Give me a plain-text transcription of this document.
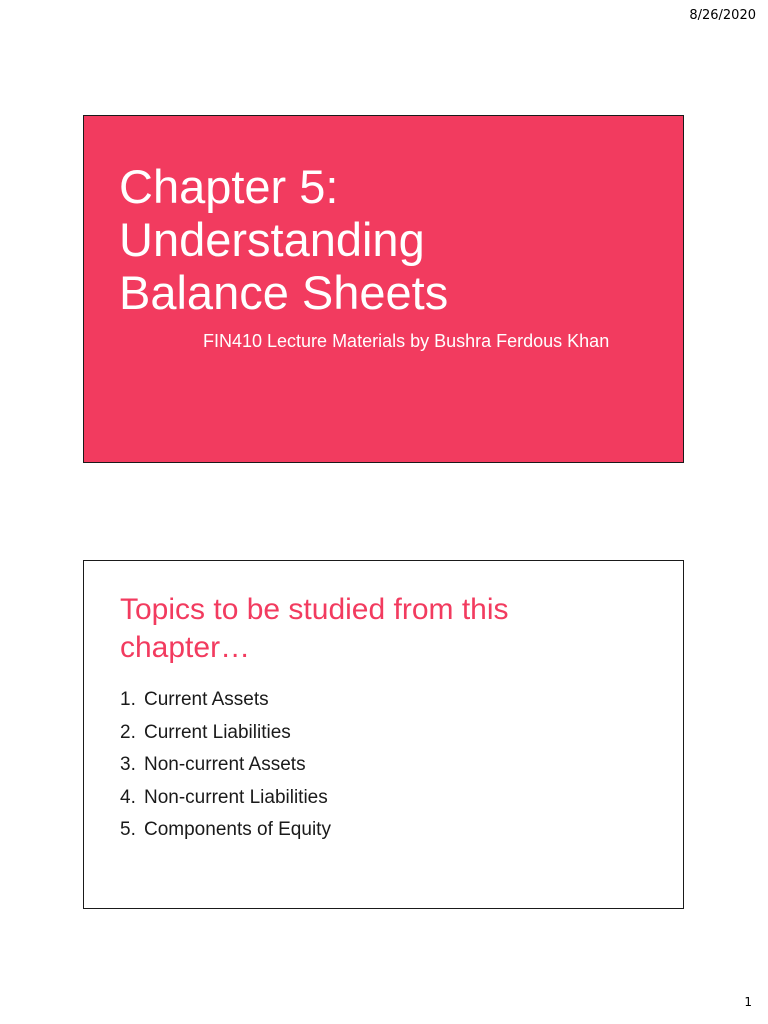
8/26/2020
Chapter 5:
Understanding
Balance Sheets

FIN410 Lecture Materials by Bushra Ferdous Khan

Topics to be studied from this
chapter…
1. Current Assets
2. Current Liabilities
3. Non-current Assets
4. Non-current Liabilities
5. Components of Equity
1
